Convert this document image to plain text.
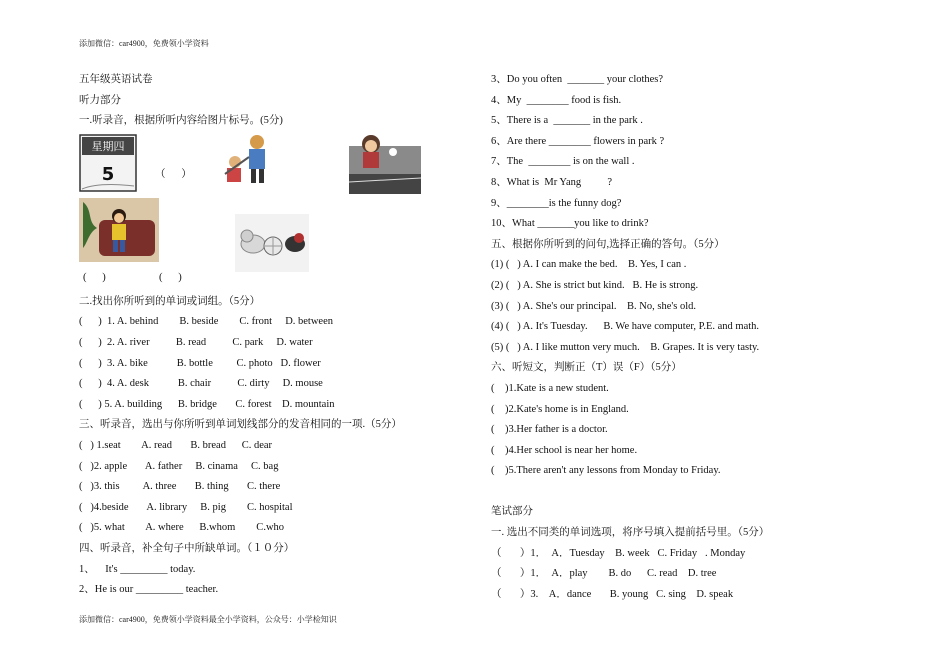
添加微信：car4900，免费领小学资料
五年级英语试卷
听力部分
一.听录音，根据所听内容给图片标号。(5分)
星期四
5	（      ）
(      )	(      )
二.找出你所听到的单词或词组。（5分）
(      )  1. A. behind        B. beside        C. front     D. between
(      )  2. A. river          B. read          C. park     D. water
(      )  3. A. bike           B. bottle         C. photo   D. flower
(      )  4. A. desk           B. chair          C. dirty     D. mouse
(      ) 5. A. building      B. bridge       C. forest    D. mountain
三、听录音，选出与你所听到单词划线部分的发音相同的一项.（5分）
(   ) 1.seat        A. read       B. bread      C. dear
(   )2. apple       A. father     B. cinama     C. bag
(   )3. this         A. three       B. thing       C. there
(   )4.beside       A. library     B. pig        C. hospital
(   )5. what        A. where      B.whom        C.who
四、听录音，补全句子中所缺单词。（１０分）
1、    It's _________ today.
2、He is our _________ teacher.
3、Do you often  _______ your clothes?
4、My  ________ food is fish.
5、There is a  _______ in the park .
6、Are there ________ flowers in park ?
7、The  ________ is on the wall .
8、What is  Mr Yang          ?
9、________is the funny dog?
10、What _______you like to drink?
五、根据你所听到的问句,选择正确的答句。（5分）
(1) (   ) A. I can make the bed.    B. Yes, I can .
(2) (   ) A. She is strict but kind.   B. He is strong.
(3) (   ) A. She's our principal.    B. No, she's old.
(4) (   ) A. It's Tuesday.      B. We have computer, P.E. and math.
(5) (   ) A. I like mutton very much.    B. Grapes. It is very tasty.
六、听短文，判断正（T）误（F）（5分）
(    )1.Kate is a new student.
(    )2.Kate's home is in England.
(    )3.Her father is a doctor.
(    )4.Her school is near her home.
(    )5.There aren't any lessons from Monday to Friday.
笔试部分
一. 选出不同类的单词选项，将序号填入提前括号里。（5分）
（       ）1．  A．Tuesday    B. week   C. Friday   . Monday
（       ）1．  A．play        B. do      C. read    D. tree
（       ）3.    A．dance       B. young   C. sing    D. speak
添加微信：car4900，免费领小学资料最全小学资料，公众号：小学检知识
